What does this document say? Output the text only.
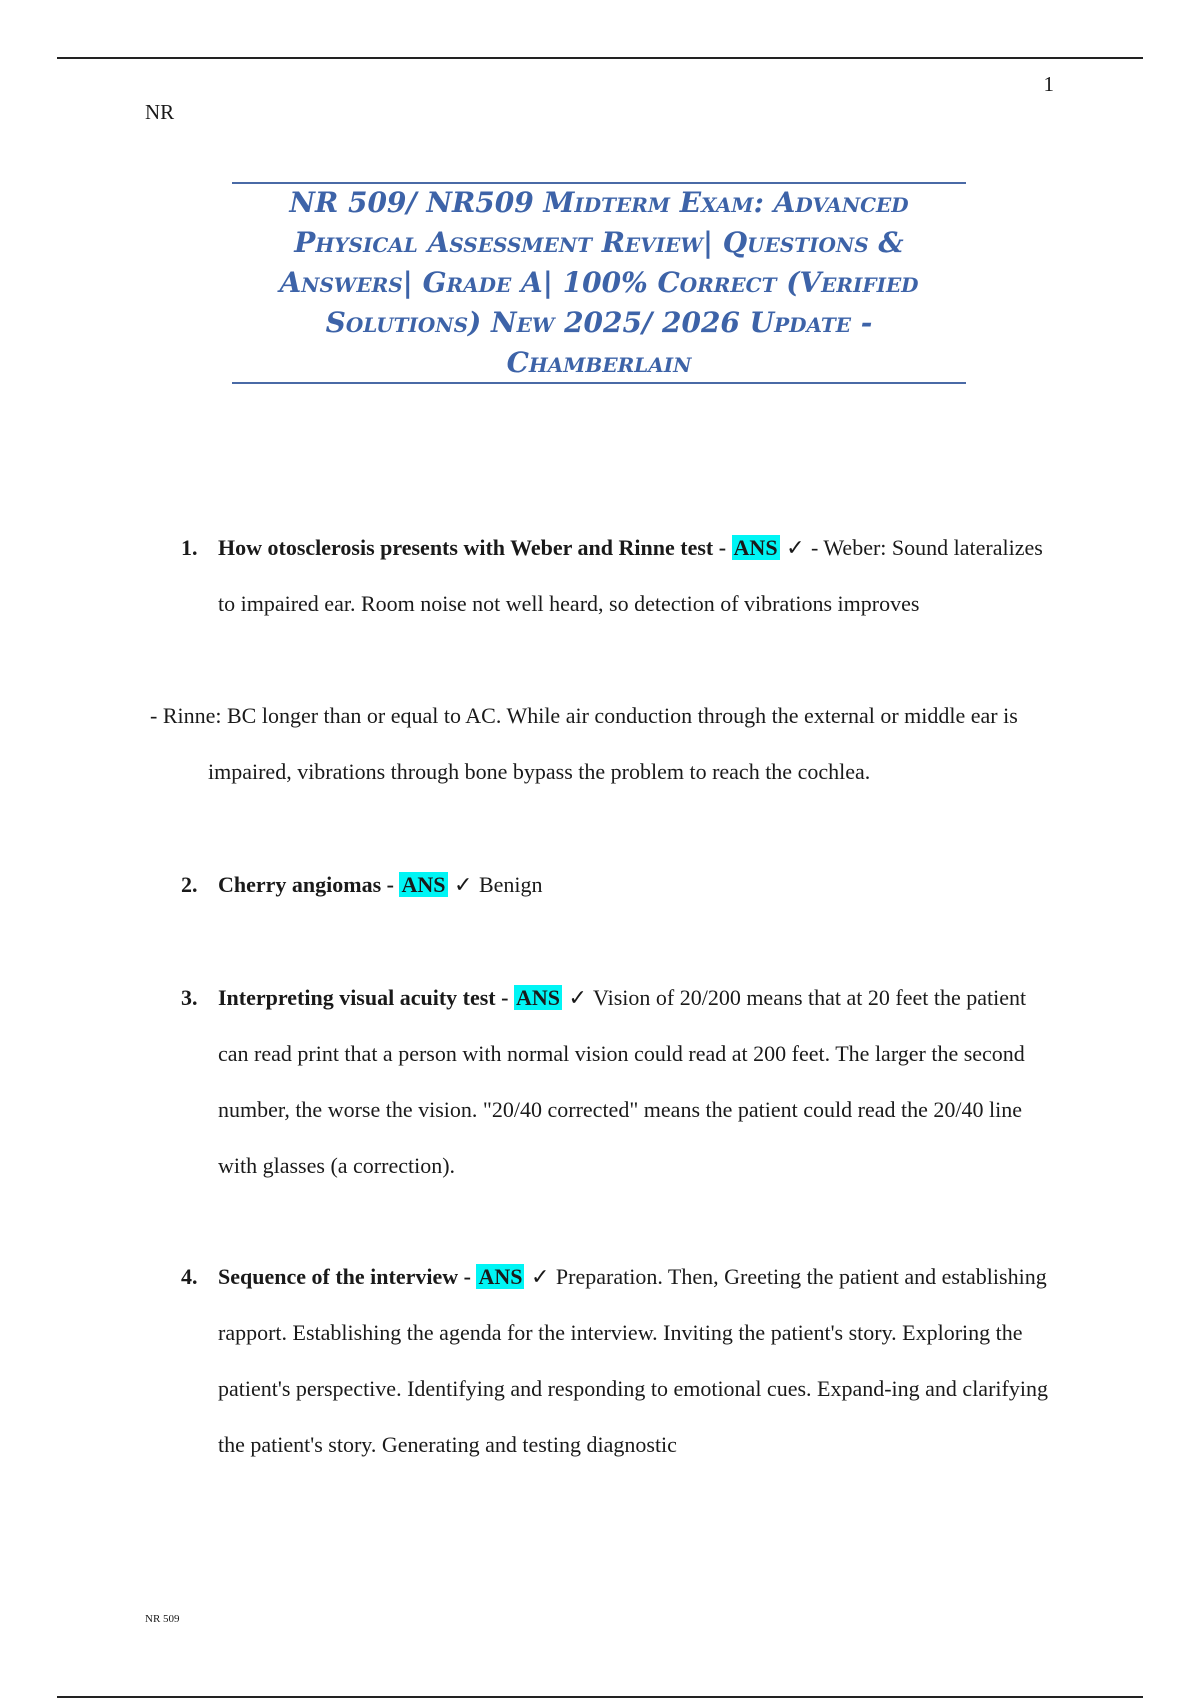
1
NR
NR 509/ NR509 Midterm Exam: Advanced Physical Assessment Review| Questions & Answers| Grade A| 100% Correct (Verified Solutions) New 2025/ 2026 Update - Chamberlain
1. How otosclerosis presents with Weber and Rinne test - ANS ✓ - Weber: Sound lateralizes to impaired ear. Room noise not well heard, so detection of vibrations improves
- Rinne: BC longer than or equal to AC. While air conduction through the external or middle ear is impaired, vibrations through bone bypass the problem to reach the cochlea.
2. Cherry angiomas - ANS ✓ Benign
3. Interpreting visual acuity test - ANS ✓ Vision of 20/200 means that at 20 feet the patient can read print that a person with normal vision could read at 200 feet. The larger the second number, the worse the vision. "20/40 corrected" means the patient could read the 20/40 line with glasses (a correction).
4. Sequence of the interview - ANS ✓ Preparation. Then, Greeting the patient and establishing rapport. Establishing the agenda for the interview. Inviting the patient's story. Exploring the patient's perspective. Identifying and responding to emotional cues. Expand-ing and clarifying the patient's story. Generating and testing diagnostic
NR 509
